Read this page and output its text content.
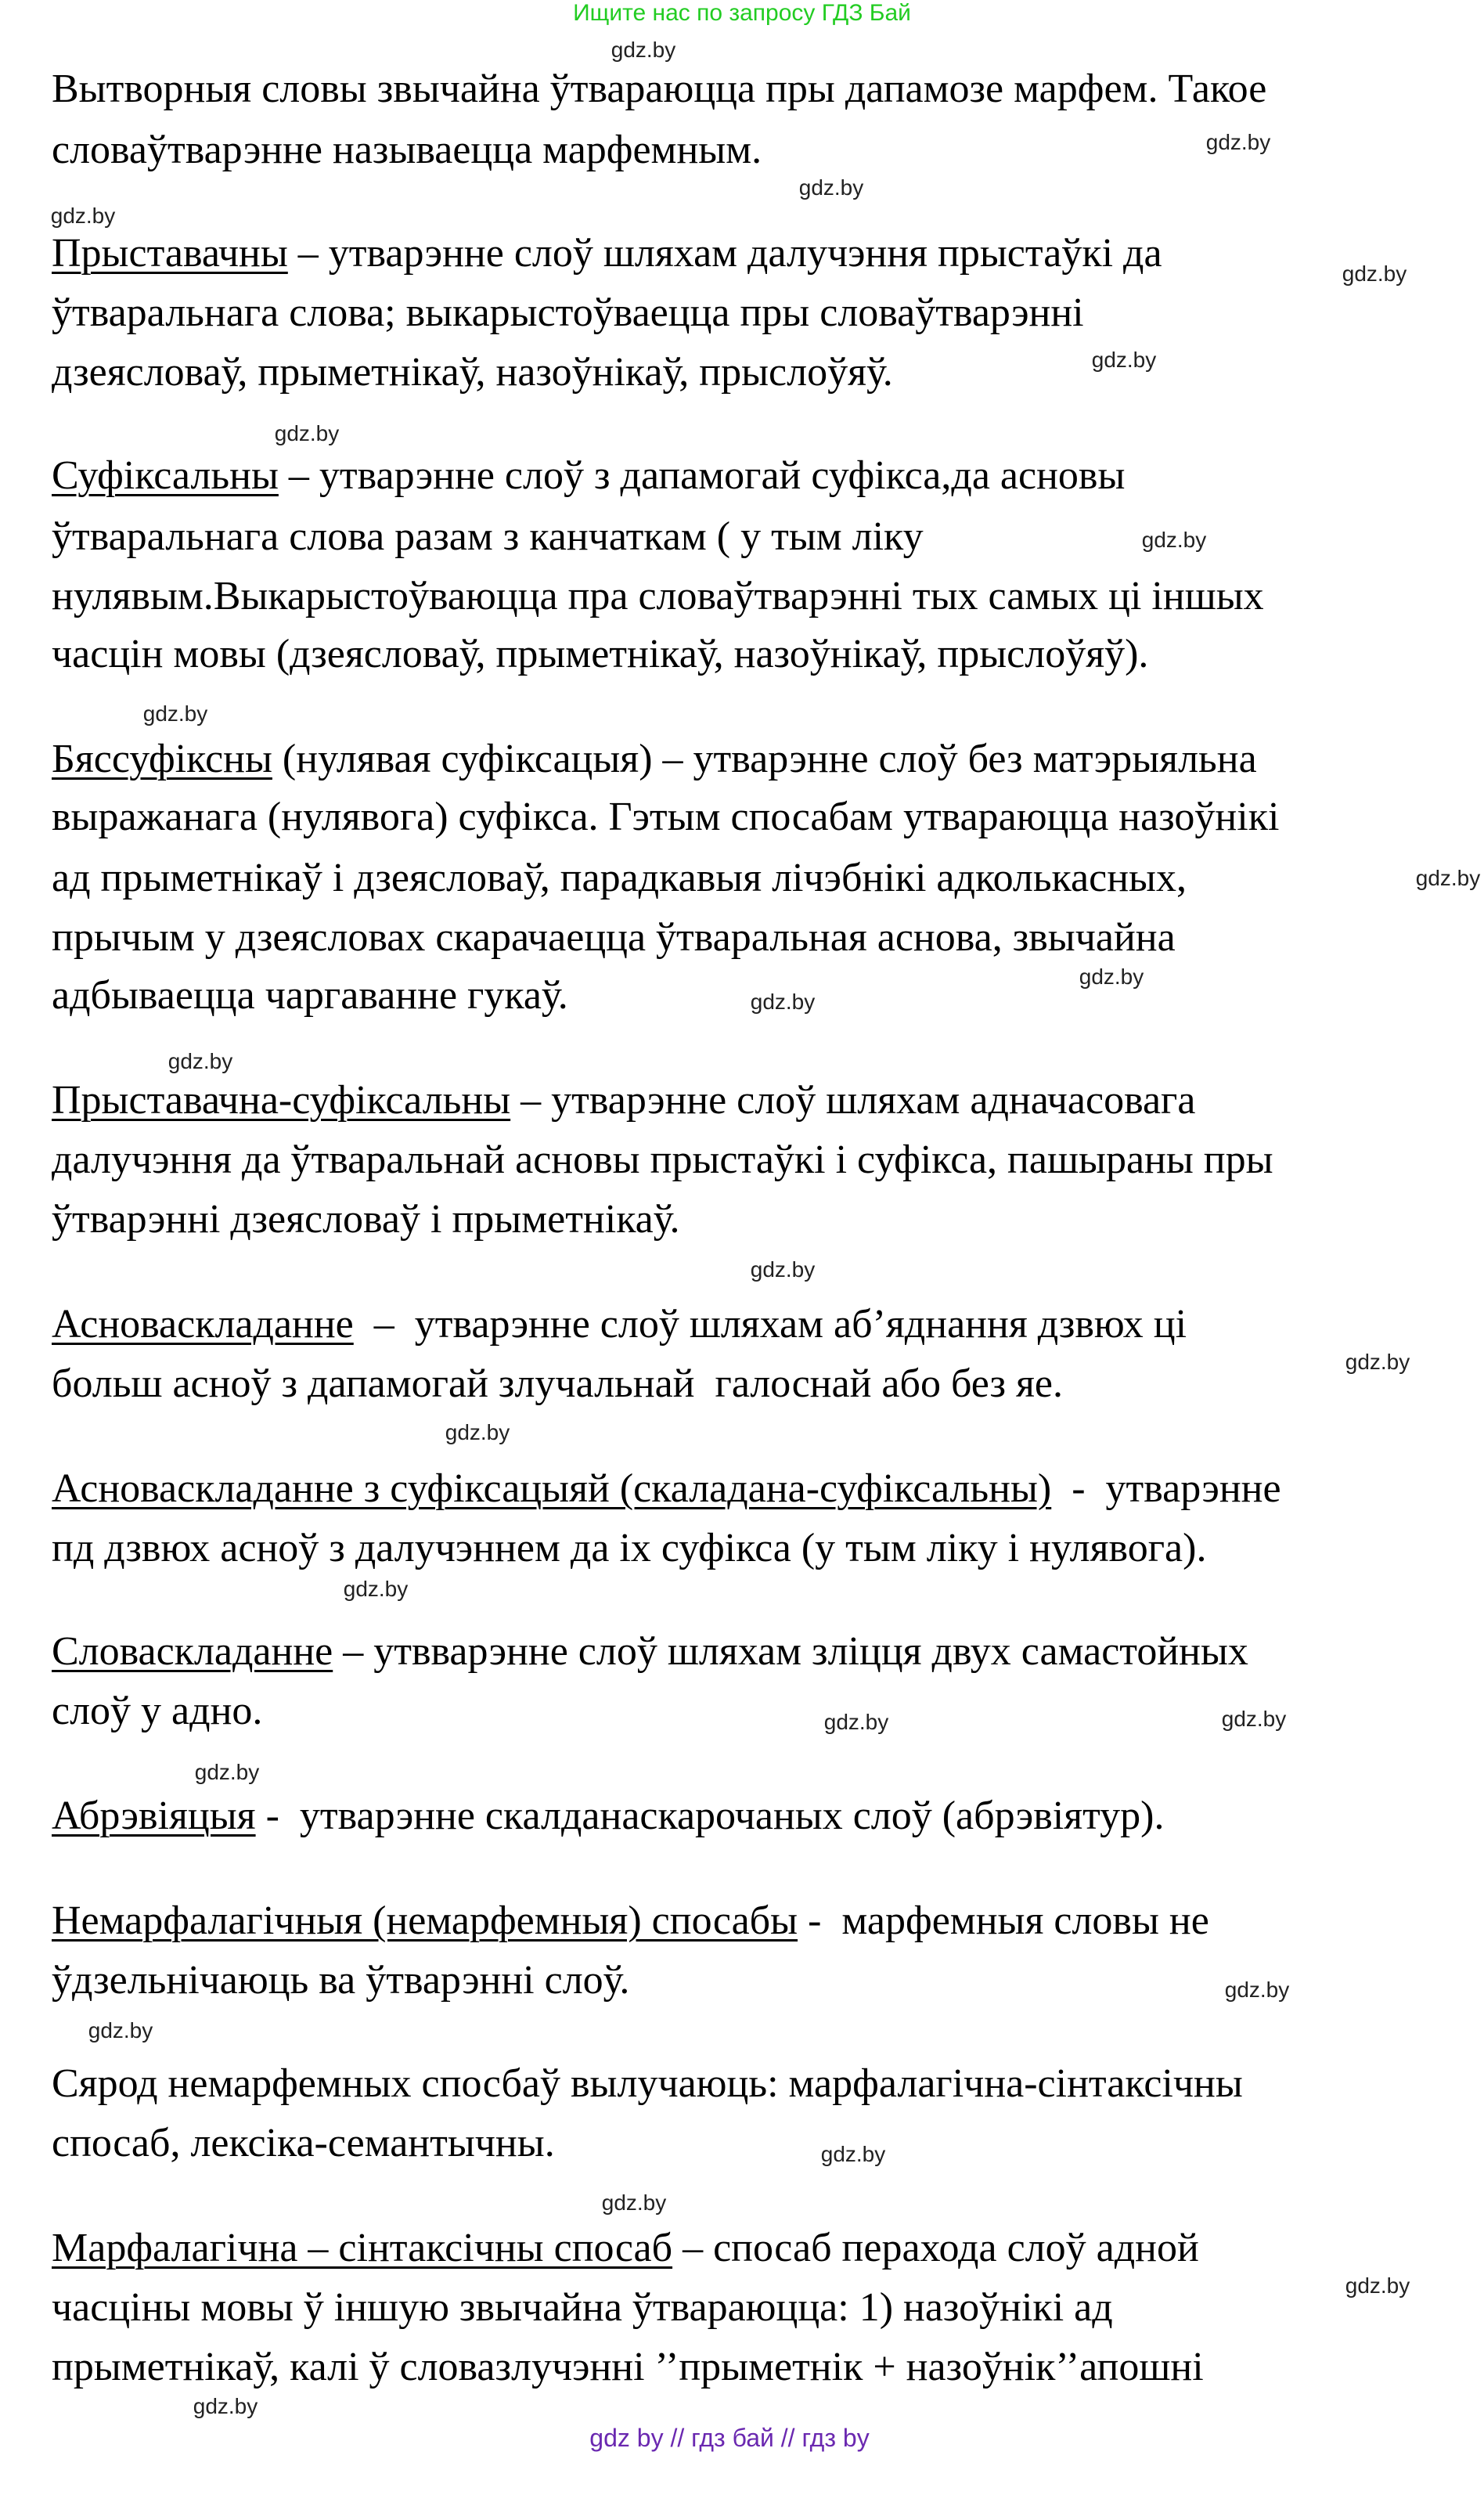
Ищите нас по запросу ГДЗ Бай
Вытворныя словы звычайна ўтвараюцца пры дапамозе марфем. Такое
словаўтварэнне называецца марфемным.
Прыставачны – утварэнне слоў шляхам далучэння прыстаўкі да
ўтваральнага слова; выкарыстоўваецца пры словаўтварэнні
дзеясловаў, прыметнікаў, назоўнікаў, прыслоўяў.
Суфіксальны – утварэнне слоў з дапамогай суфікса,да асновы
ўтваральнага слова разам з канчаткам ( у тым ліку
нулявым.Выкарыстоўваюцца пра словаўтварэнні тых самых ці іншых
часцін мовы (дзеясловаў, прыметнікаў, назоўнікаў, прыслоўяў).
Бяссуфіксны (нулявая суфіксацыя) – утварэнне слоў без матэрыяльна
выражанага (нулявога) суфікса. Гэтым спосабам утвараюцца назоўнікі
ад прыметнікаў і дзеясловаў, парадкавыя лічэбнікі адколькасных,
прычым у дзеясловах скарачаецца ўтваральная аснова, звычайна
адбываецца чаргаванне гукаў.
Прыставачна-суфіксальны – утварэнне слоў шляхам адначасовага
далучэння да ўтваральнай асновы прыстаўкі і суфікса, пашыраны пры
ўтварэнні дзеясловаў і прыметнікаў.
Асноваскладанне  –  утварэнне слоў шляхам аб’яднання дзвюх ці
больш асноў з дапамогай злучальнай  галоснай або без яе.
Асноваскладанне з суфіксацыяй (скаладана-суфіксальны)  -  утварэнне
пд дзвюх асноў з далучэннем да іх суфікса (у тым ліку і нулявога).
Словаскладанне – утвварэнне слоў шляхам зліцця двух самастойных
слоў у адно.
Абрэвіяцыя -  утварэнне скалданаскарочаных слоў (абрэвіятур).
Немарфалагічныя (немарфемныя) спосабы -  марфемныя словы не
ўдзельнічаюць ва ўтварэнні слоў.
Сярод немарфемных спосбаў вылучаюць: марфалагічна-сінтаксічны
спосаб, лексіка-семантычны.
Марфалагічна – сінтаксічны спосаб – спосаб перахода слоў адной
часціны мовы ў іншую звычайна ўтвараюцца: 1) назоўнікі ад
прыметнікаў, калі ў словазлучэнні ’’прыметнік + назоўнік’’апошні
gdz.by
gdz.by
gdz.by
gdz.by
gdz.by
gdz.by
gdz.by
gdz.by
gdz.by
gdz.by
gdz.by
gdz.by
gdz.by
gdz.by
gdz.by
gdz.by
gdz.by
gdz.by	gdz.by
gdz.by
gdz.by
gdz.by
gdz.by
gdz.by
gdz.by
gdz.by
gdz by // гдз бай // гдз by
